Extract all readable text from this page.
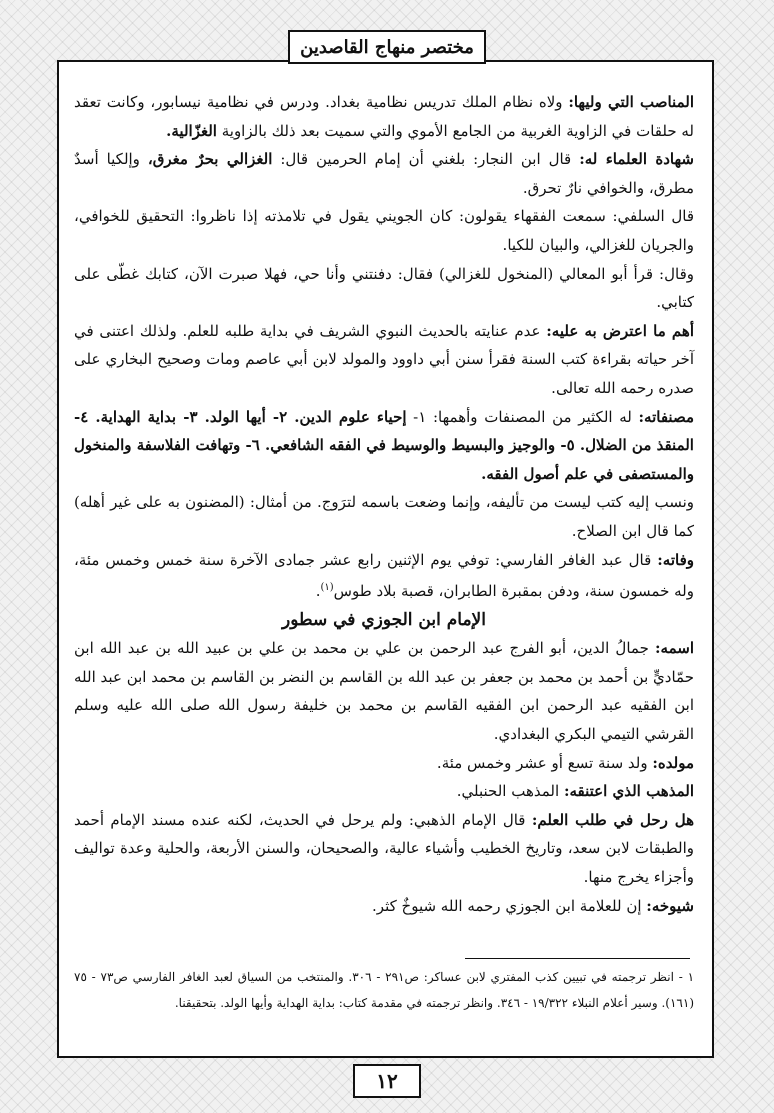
مختصر منهاج القاصدين

المناصب التي وليها: ولاه نظام الملك تدريس نظامية بغداد. ودرس في نظامية نيسابور، وكانت تعقد له حلقات في الزاوية الغربية من الجامع الأموي والتي سميت بعد ذلك بالزاوية الغزّالية.

شهادة العلماء له: قال ابن النجار: بلغني أن إمام الحرمين قال: الغزالي بحرٌ مغرق، وإلكيا أسدٌ مطرق، والخوافي نارٌ تحرق.

قال السلفي: سمعت الفقهاء يقولون: كان الجويني يقول في تلامذته إذا ناظروا: التحقيق للخوافي، والجريان للغزالي، والبيان للكيا.

وقال: قرأ أبو المعالي (المنخول للغزالي) فقال: دفنتني وأنا حي، فهلا صبرت الآن، كتابك غطّى على كتابي.

أهم ما اعترض به عليه: عدم عنايته بالحديث النبوي الشريف في بداية طلبه للعلم. ولذلك اعتنى في آخر حياته بقراءة كتب السنة فقرأ سنن أبي داوود والمولد لابن أبي عاصم ومات وصحيح البخاري على صدره رحمه الله تعالى.

مصنفاته: له الكثير من المصنفات وأهمها: ١- إحياء علوم الدين. ٢- أيها الولد. ٣- بداية الهداية. ٤- المنقذ من الضلال. ٥- والوجيز والبسيط والوسيط في الفقه الشافعي. ٦- وتهافت الفلاسفة والمنخول والمستصفى في علم أصول الفقه.

ونسب إليه كتب ليست من تأليفه، وإنما وضعت باسمه لترَوج. من أمثال: (المضنون به على غير أهله) كما قال ابن الصلاح.

وفاته: قال عبد الغافر الفارسي: توفي يوم الإثنين رابع عشر جمادى الآخرة سنة خمس وخمس مئة، وله خمسون سنة، ودفن بمقبرة الطابران، قصبة بلاد طوس$^{(١)}$.

الإمام ابن الجوزي في سطور

اسمه: جمالُ الدين، أبو الفرج عبد الرحمن بن علي بن محمد بن علي بن عبيد الله بن عبد الله ابن حمّاديٍّ بن أحمد بن محمد بن جعفر بن عبد الله بن القاسم بن النضر بن القاسم بن محمد ابن عبد الله ابن الفقيه عبد الرحمن ابن الفقيه القاسم بن محمد بن خليفة رسول الله صلى الله عليه وسلم القرشي التيمي البكري البغدادي.

مولده: ولد سنة تسع أو عشر وخمس مئة.

المذهب الذي اعتنقه: المذهب الحنبلي.

هل رحل في طلب العلم: قال الإمام الذهبي: ولم يرحل في الحديث، لكنه عنده مسند الإمام أحمد والطبقات لابن سعد، وتاريخ الخطيب وأشياء عالية، والصحيحان، والسنن الأربعة، والحلية وعدة تواليف وأجزاء يخرج منها.

شيوخه: إن للعلامة ابن الجوزي رحمه الله شيوخٌ كثر.

١ - انظر ترجمته في تبيين كذب المفتري لابن عساكر: ص٢٩١ - ٣٠٦. والمنتخب من السياق لعبد الغافر الفارسي ص٧٣ - ٧٥ (١٦١). وسير أعلام النبلاء ١٩/٣٢٢ - ٣٤٦. وانظر ترجمته في مقدمة كتاب: بداية الهداية وأيها الولد. بتحقيقنا.

١٢
